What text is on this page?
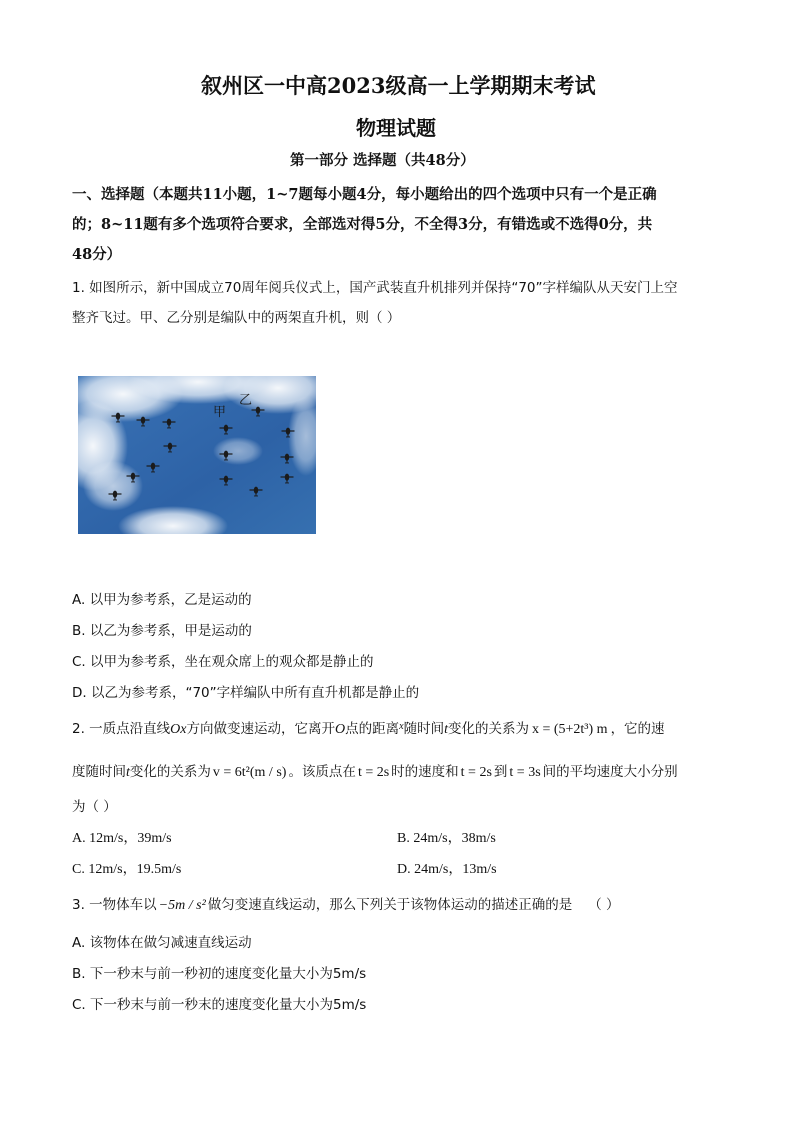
叙州区一中高2023级高一上学期期末考试
物理试题
第一部分 选择题（共48分）
一、选择题（本题共11小题，1~7题每小题4分，每小题给出的四个选项中只有一个是正确
的；8~11题有多个选项符合要求，全部选对得5分，不全得3分，有错选或不选得0分，共
48分）
1. 如图所示，新中国成立70周年阅兵仪式上，国产武装直升机排列并保持“70”字样编队从天安门上空
整齐飞过。甲、乙分别是编队中的两架直升机，则（ ）
甲
乙
A. 以甲为参考系，乙是运动的
B. 以乙为参考系，甲是运动的
C. 以甲为参考系，坐在观众席上的观众都是静止的
D. 以乙为参考系，“70”字样编队中所有直升机都是静止的
2. 一质点沿直线Ox方向做变速运动，它离开O点的距离$^x$随时间t变化的关系为 x = (5+2t³) m ，它的速
度随时间t变化的关系为 v = 6t²(m / s) 。该质点在 t = 2s 时的速度和 t = 2s 到 t = 3s 间的平均速度大小分别
为（ ）
A. 12m/s，39m/s	B. 24m/s，38m/s
C. 12m/s，19.5m/s	D. 24m/s，13m/s
3. 一物体车以 −5m / s² 做匀变速直线运动，那么下列关于该物体运动的描述正确的是 （ ）
A. 该物体在做匀减速直线运动
B. 下一秒末与前一秒初的速度变化量大小为5m/s
C. 下一秒末与前一秒末的速度变化量大小为5m/s
